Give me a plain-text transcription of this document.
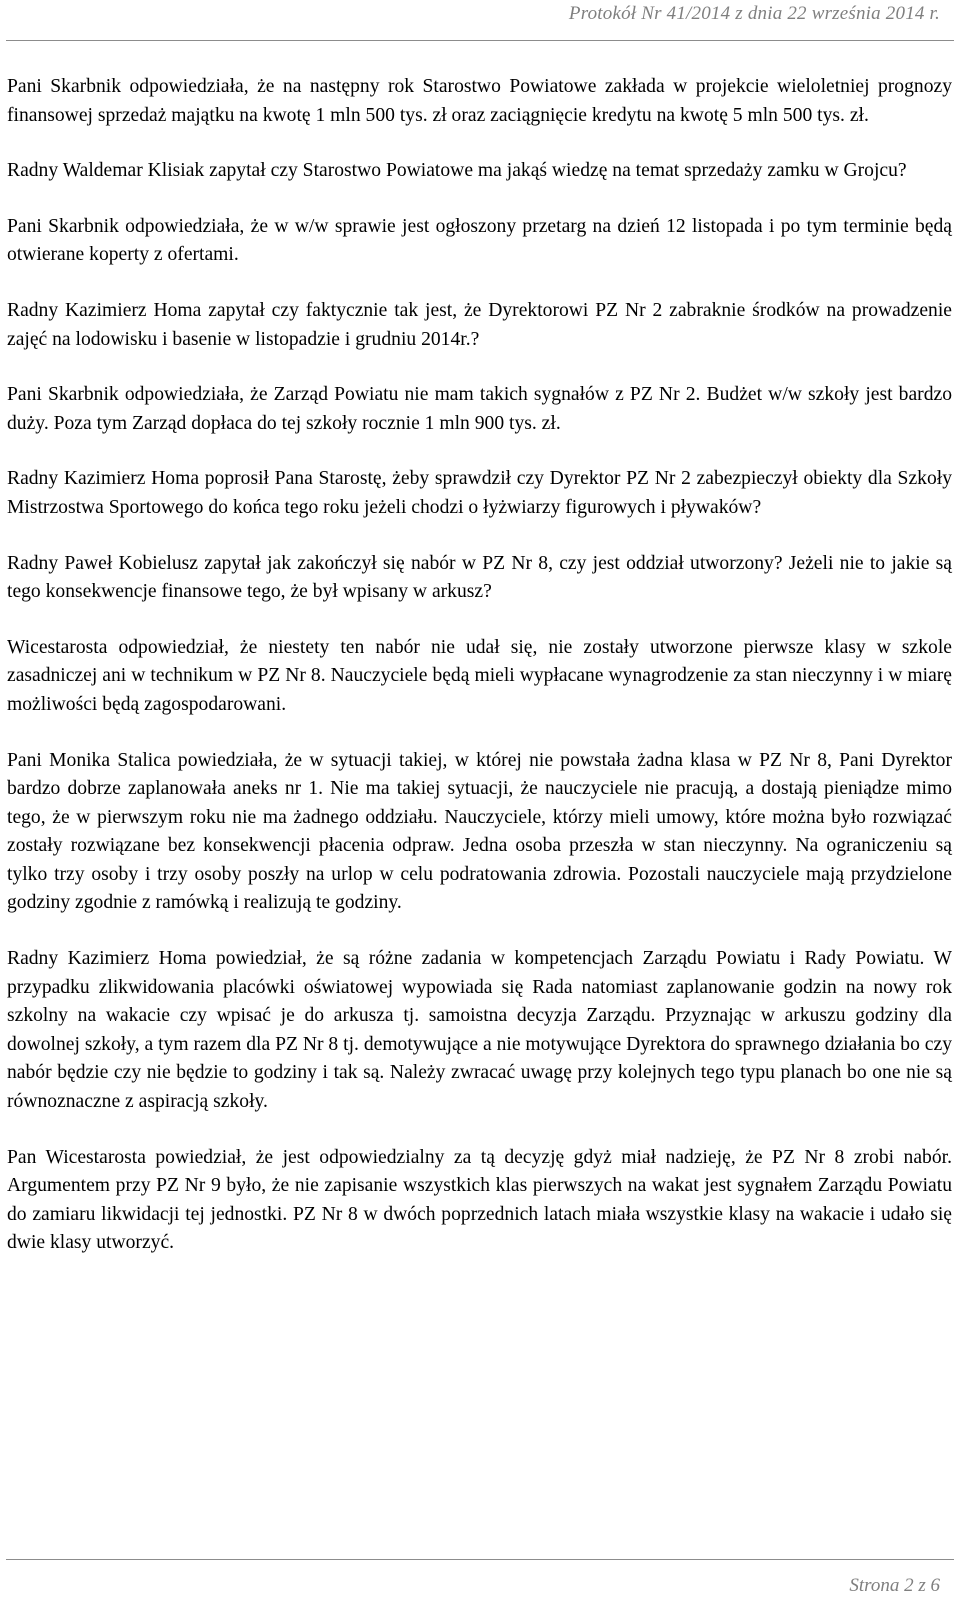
Protokół Nr 41/2014 z dnia 22 września 2014 r.

Pani Skarbnik odpowiedziała, że na następny rok Starostwo Powiatowe zakłada w projekcie wieloletniej prognozy finansowej sprzedaż majątku na kwotę 1 mln 500 tys. zł oraz zaciągnięcie kredytu na kwotę 5 mln 500 tys. zł.

Radny Waldemar Klisiak zapytał czy Starostwo Powiatowe ma jakąś wiedzę na temat sprzedaży zamku w Grojcu?

Pani Skarbnik odpowiedziała, że w w/w sprawie jest ogłoszony przetarg na dzień 12 listopada i po tym terminie będą otwierane koperty z ofertami.

Radny Kazimierz Homa zapytał czy faktycznie tak jest, że Dyrektorowi PZ Nr 2 zabraknie środków na prowadzenie zajęć na lodowisku i basenie w listopadzie i grudniu 2014r.?

Pani Skarbnik odpowiedziała, że Zarząd Powiatu nie mam takich sygnałów z PZ Nr 2. Budżet w/w szkoły jest bardzo duży. Poza tym Zarząd dopłaca do tej szkoły rocznie 1 mln 900 tys. zł.

Radny Kazimierz Homa poprosił Pana Starostę, żeby sprawdził czy Dyrektor PZ Nr 2 zabezpieczył obiekty dla Szkoły Mistrzostwa Sportowego do końca tego roku jeżeli chodzi o łyżwiarzy figurowych i pływaków?

Radny Paweł Kobielusz zapytał jak zakończył się nabór w PZ Nr 8, czy jest oddział utworzony? Jeżeli nie to jakie są tego konsekwencje finansowe tego, że był wpisany w arkusz?

Wicestarosta odpowiedział, że niestety ten nabór nie udał się, nie zostały utworzone pierwsze klasy w szkole zasadniczej ani w technikum w PZ Nr 8. Nauczyciele będą mieli wypłacane wynagrodzenie za stan nieczynny i w miarę możliwości będą zagospodarowani.

Pani Monika Stalica powiedziała, że w sytuacji takiej, w której nie powstała żadna klasa w PZ Nr 8, Pani Dyrektor bardzo dobrze zaplanowała aneks nr 1. Nie ma takiej sytuacji, że nauczyciele nie pracują, a dostają pieniądze mimo tego, że w pierwszym roku nie ma żadnego oddziału. Nauczyciele, którzy mieli umowy, które można było rozwiązać zostały rozwiązane bez konsekwencji płacenia odpraw. Jedna osoba przeszła w stan nieczynny. Na ograniczeniu są tylko trzy osoby i trzy osoby poszły na urlop w celu podratowania zdrowia. Pozostali nauczyciele mają przydzielone godziny zgodnie z ramówką i realizują te godziny.

Radny Kazimierz Homa powiedział, że są różne zadania w kompetencjach Zarządu Powiatu i Rady Powiatu. W przypadku zlikwidowania placówki oświatowej wypowiada się Rada natomiast zaplanowanie godzin na nowy rok szkolny na wakacie czy wpisać je do arkusza tj. samoistna decyzja Zarządu. Przyznając w arkuszu godziny dla dowolnej szkoły, a tym razem dla PZ Nr 8 tj. demotywujące a nie motywujące Dyrektora do sprawnego działania bo czy nabór będzie czy nie będzie to godziny i tak są. Należy zwracać uwagę przy kolejnych tego typu planach bo one nie są równoznaczne z aspiracją szkoły.

Pan Wicestarosta powiedział, że jest odpowiedzialny za tą decyzję gdyż miał nadzieję, że PZ Nr 8 zrobi nabór. Argumentem przy PZ Nr 9 było, że nie zapisanie wszystkich klas pierwszych na wakat jest sygnałem Zarządu Powiatu do zamiaru likwidacji tej jednostki. PZ Nr 8 w dwóch poprzednich latach miała wszystkie klasy na wakacie i udało się dwie klasy utworzyć.

Strona 2 z 6
